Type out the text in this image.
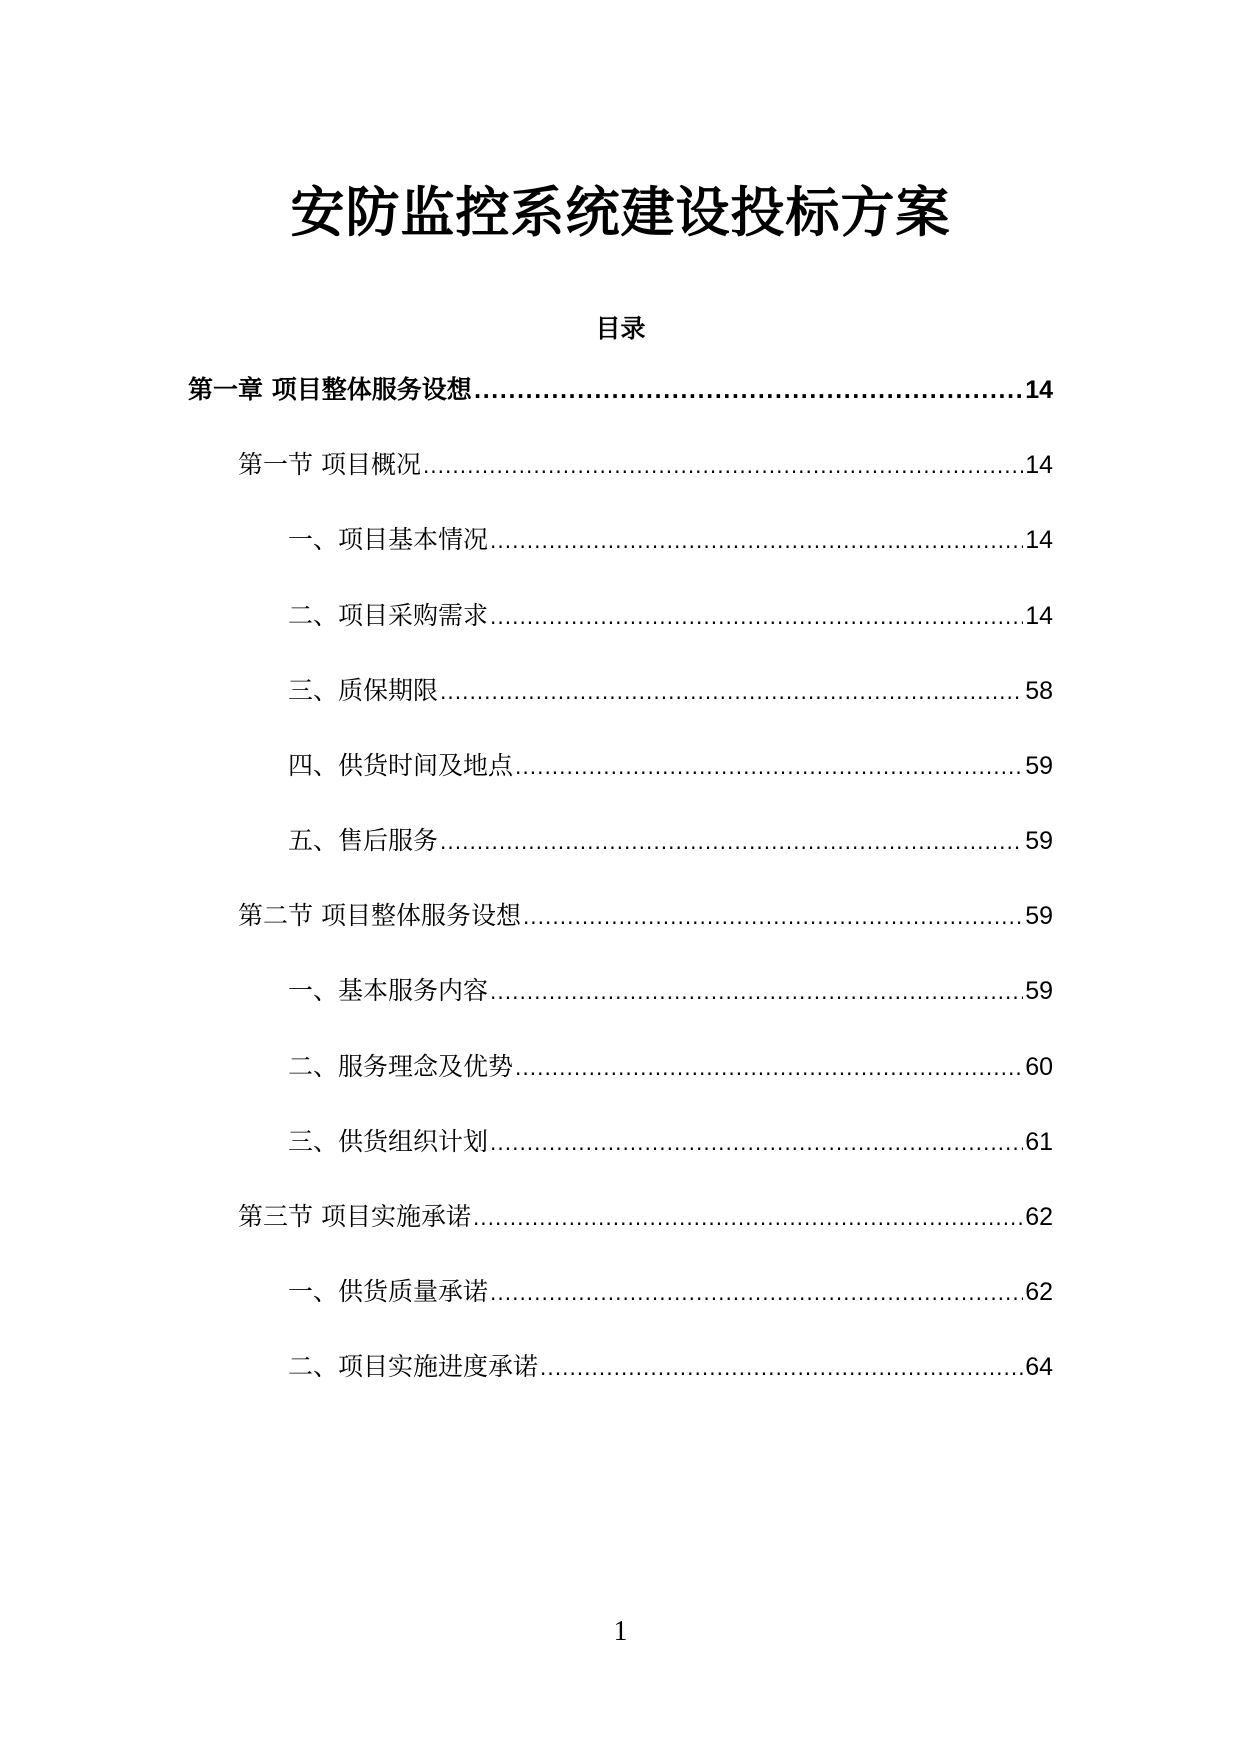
安防监控系统建设投标方案
目录
第一章 项目整体服务设想 .....	14
第一节 项目概况 .....	14
一、项目基本情况 .....	14
二、项目采购需求 .....	14
三、质保期限 .....	58
四、供货时间及地点 .....	59
五、售后服务 .....	59
第二节 项目整体服务设想 .....	59
一、基本服务内容 .....	59
二、服务理念及优势 .....	60
三、供货组织计划 .....	61
第三节 项目实施承诺 .....	62
一、供货质量承诺 .....	62
二、项目实施进度承诺 .....	64
1
